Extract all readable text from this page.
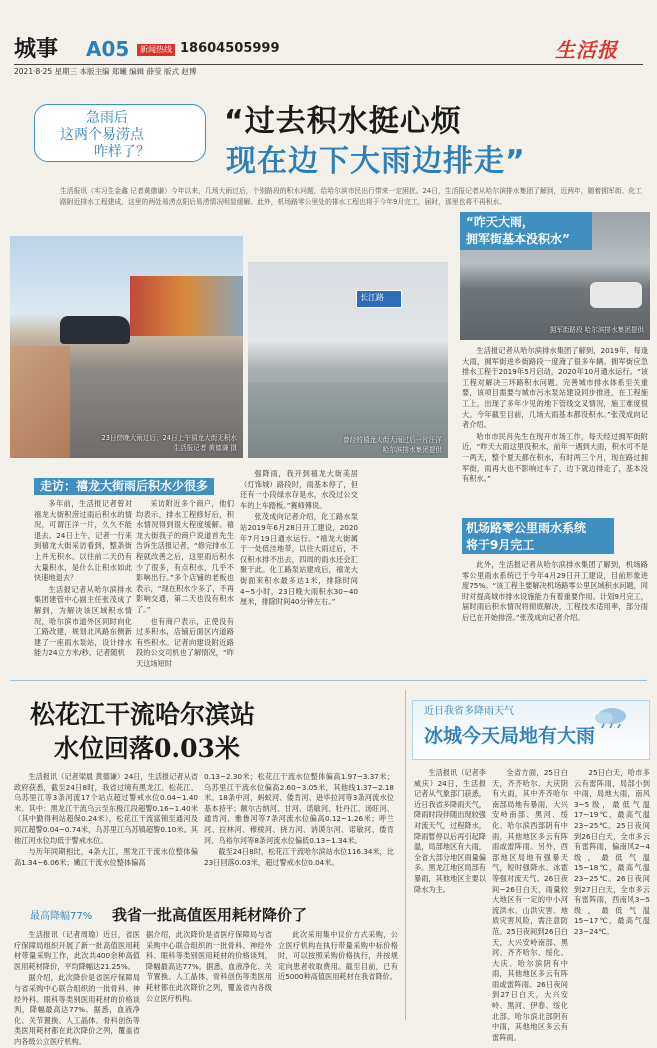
城事 A05	新闻热线 18604505999	生活报
2021·8·25 星期三 本版主编 郑曦 编辑 薛莹 版式 赵博
急雨后
这两个易涝点
咋样了？
“过去积水挺心烦
现在边下大雨边排走”
生活报讯（实习生金鑫 记者黄德谦）今年以来，几场大雨过后，个别路段的积水问题，给哈尔滨市民出行带来一定困扰。24日，生活报记者从哈尔滨排水集团了解到，近两年，随着拥军街、化工路附近排水工程建成，这里的两处易涝点阳后易涝情况明显缓解。此外，机场路零公里处的排水工程也将于今年9月完工，届时，那里也将不再积水。
23日傍晚大雨过后，24日上午禧龙大街无积水
生活报记者 黄德谦 摄
长江路
曾经的禧龙大街大雨过后一片汪洋
哈尔滨排水集团提供
“昨天大雨，
拥军街基本没积水”
拥军街路段 哈尔滨排水集团提供
走访：禧龙大街雨后积水少很多

多年前，生活报记者曾对禧龙大街积涝过雨后积水的情况，可谓汪洋一片，久久不能退去。24日上午，记者一行来到禧龙大街采访看到，整条街上并无积水。以往前二天仍有大量积水，是什么让积水如此快速地退去？

生活报记者从哈尔滨排水集团建管中心副主任张茂成了解到，为解决该区域积水情况，哈尔滨市道外区同时向化工路改建，规划北风路东侧新建了一座雨水泵站，设计排水能力24立方米/秒。记者随机

采访附近多个商户，他们均表示，排水工程修好后，积水情况得到很大程度缓解。禧龙大街我子的商户说道首先生告诉生活报记者，“修完排水工程就改善之后，这里雨后积水少了很多，有点积水，几乎不影响出行。”多个店铺的老板也表示，“现在积水少多了，不再影响交通，第二天也没有积水了。”

也有商户表示，正使没有过多积水，店铺后面区内道路有些积水。记者向建设附近路段的公交司机也了解情况，“昨天这场短时

强降雨，我开到禧龙大街美居（灯饰城）路段时，雨基本停了，但还有一小段绿水存是水，水没过公交车的上车踏板。”赛师傅说。

张茂成向记者介绍，化工路水泵站2019年6月28日开工建设，2020年7月19日通水运行。“禧龙大街属于一处低洼地带，以往大雨过后，不仅积水排不出去，四周的雨水还会汇聚于此。化工路泵站建成后，禧龙大街面来积水最多达1米，排除时间4~5小时，23日晚大雨积水30~40厘米，排除时间40分钟左右。”

生活报记者从哈尔滨排水集团了解到，2019年，每逢大雨，拥军街进乡街路段一度淹了很多车辆。拥军街应急排水工程于2019年5月启动，2020年10月通水运行。“该工程对解决三环路积水问题、完善城市排水体系至关重要，该项目需要与城市污水泵站建设同步推进，在工程施工上，出现了多年少见的地下管线交叉情况，施工难度很大。今年截至目前，几场大雨基本都没积水。”张茂成向记者介绍。

哈市市民肖先生在现开市场工作，每天经过拥军街附近，“昨天大雨这里没积水，前年一遇到大雨，积水可不是一两天，整个夏天都在积水，有时两三个月，现在路过拥军街，雨再大也不影响过车了，边下就边排走了，基本没有积水。”

机场路零公里雨水系统
将于9月完工

此外，生活报记者从哈尔滨排水集团了解到，机场路零公里雨水系统已于今年4月29日开工建设，目前形象进度75%。“该工程主要解决机场路零公里区域积水问题，同时对提高城市排水设施能力有着重要作用。计划9月完工，届时雨后积水情况将彻底解决，工程技术适用率，部分雨后已在开始排涝。”张茂成向记者介绍。

松花江干流哈尔滨站
水位回落0.03米

生活报讯（记者梁晨 黄德谦）24日，生活报记者从省政府获悉，截至24日8时，我省过境有黑龙江、松花江、乌苏里江等3条河流17个站点超过警戒水位0.04~1.40米。其中：黑龙江干流乌云至东极江段超警0.16~1.40米（其中勤得利站超保0.24米），松花江干流富锦至通河及同江超警0.04~0.74米，乌苏里江乌苏镇超警0.10米。其他江河水位均低于警戒水位。

与历年同期相比，4条大江，黑龙江干流水位整体偏高1.34~6.06米；嫩江干流水位整体偏高

0.13~2.30米；松花江干流水位整体偏高1.97~3.37米；乌苏里江干流水位偏高2.60~3.05米，其他线1.37~2.18米。18条中河，蚂蚁河、倭肯河、逊毕拉河等3条河流水位基本持平；额尔古纳河、甘河、诺敏河、牡丹江、汤旺河、通肯河、雅鲁河等7条河流水位偏高0.12~1.26米；呼兰河、拉林河、穆棱河、挠力河、讷谟尔河、诺敏河、倭肯河、乌裕尔河等8条河流水位偏低0.13~1.34米。

截至24日8时，松花江干流哈尔滨站水位116.34米，比23日回落0.03米，超过警戒水位0.04米。

最高降幅77% 我省一批高值医用耗材降价了

生活报讯（记者周瑜）近日，省医疗保障局组织开展了新一批高值医用耗材带量采购工作，此次共400余种高值医用耗材降价，平均降幅达21.25%。

据介绍，此次降价是省医疗保障局与省采购中心联合组织的一批骨科、神经外科、眼科等类别医用耗材的价格谈判，降幅最高达77%。据悉，血液净化、关节置换、人工晶体、骨科创伤等类医用耗材都在此次降价之列，覆盖省内各级公立医疗机构。

据介绍，此次降价是省医疗保障局与省采购中心联合组织的一批骨科、神经外科、眼科等类别医用耗材的价格谈判，降幅最高达77%。据悉，血液净化、关节置换、人工晶体、骨科创伤等类医用耗材都在此次降价之列，覆盖省内各级公立医疗机构。

此次采用集中议价方式采购，公立医疗机构在执行带量采购中标价格时，可以按照采购价格执行，并按规定向患者收取费用。截至目前，已有近5000种高值医用耗材在我省降价。

近日我省多降雨天气
冰城今天局地有大雨

生活报讯（记者李威庆）24日，生活报记者从气象部门获悉，近日我省多降雨天气，降雨时段伴随出现较强对流天气，过程降水，降雨暂停以后再引起降温，局部地区有大雨，全省大部分地区雨量偏多。黑龙江地区局部有暴雨，其他地区主要以降水为主。

全省方面，25日白天，齐齐哈尔、大庆阴有大雨，其中齐齐哈尔南部局地有暴雨，大兴安岭南部、黑河、绥化、哈尔滨西部阴有中雨，其他地区多云有阵雨或雷阵雨。另外，西部地区局地有强暴天气，短时强降水、冰雹等强对流天气。26日夜间~26日白天，雨量较大地区有一定的中小河流洪水、山洪灾害、地质灾害风险，需注意防范。25日夜间到26日白天，大兴安岭南部、黑河、齐齐哈尔、绥化、大庆、哈尔滨阴有中雨，其他地区多云有阵雨或雷阵雨。26日夜间到27日白天，大兴安岭、黑河、伊春、绥化北部、哈尔滨北部阴有中雨，其他地区多云有雷阵雨。

25日白天，哈市多云有雷阵雨，局部小到中雨，局地大雨，南风3~5级，最低气温17~19℃，最高气温23~25℃。25日夜间到26日白天，全市多云有雷阵雨，偏南风2~4级，最低气温15~18℃，最高气温23~25℃。26日夜间到27日白天，全市多云有雷阵雨，西南风3~5级，最低气温15~17℃，最高气温23~24℃。
